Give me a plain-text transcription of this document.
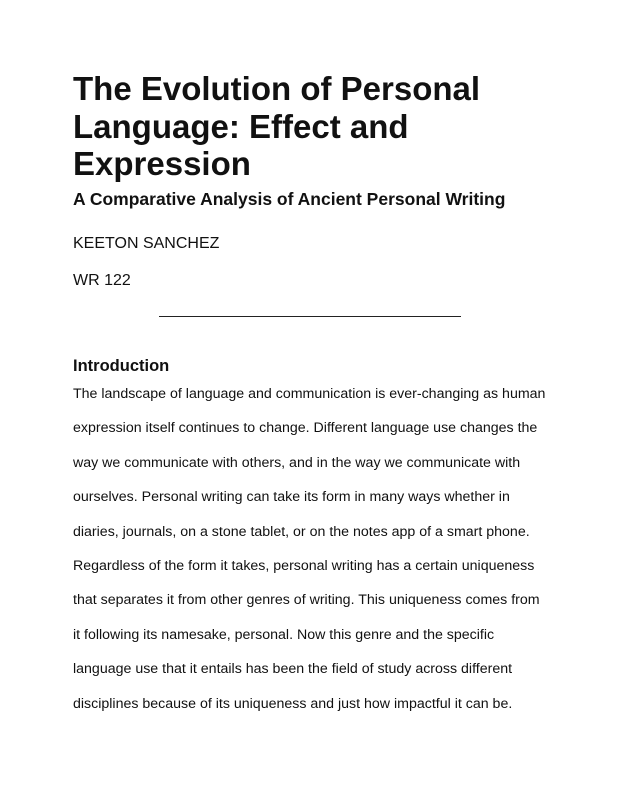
The Evolution of Personal
Language: Effect and
Expression
A Comparative Analysis of Ancient Personal Writing

KEETON SANCHEZ

WR 122

Introduction
The landscape of language and communication is ever-changing as human
expression itself continues to change. Different language use changes the
way we communicate with others, and in the way we communicate with
ourselves. Personal writing can take its form in many ways whether in
diaries, journals, on a stone tablet, or on the notes app of a smart phone.
Regardless of the form it takes, personal writing has a certain uniqueness
that separates it from other genres of writing. This uniqueness comes from
it following its namesake, personal. Now this genre and the specific
language use that it entails has been the field of study across different
disciplines because of its uniqueness and just how impactful it can be.
